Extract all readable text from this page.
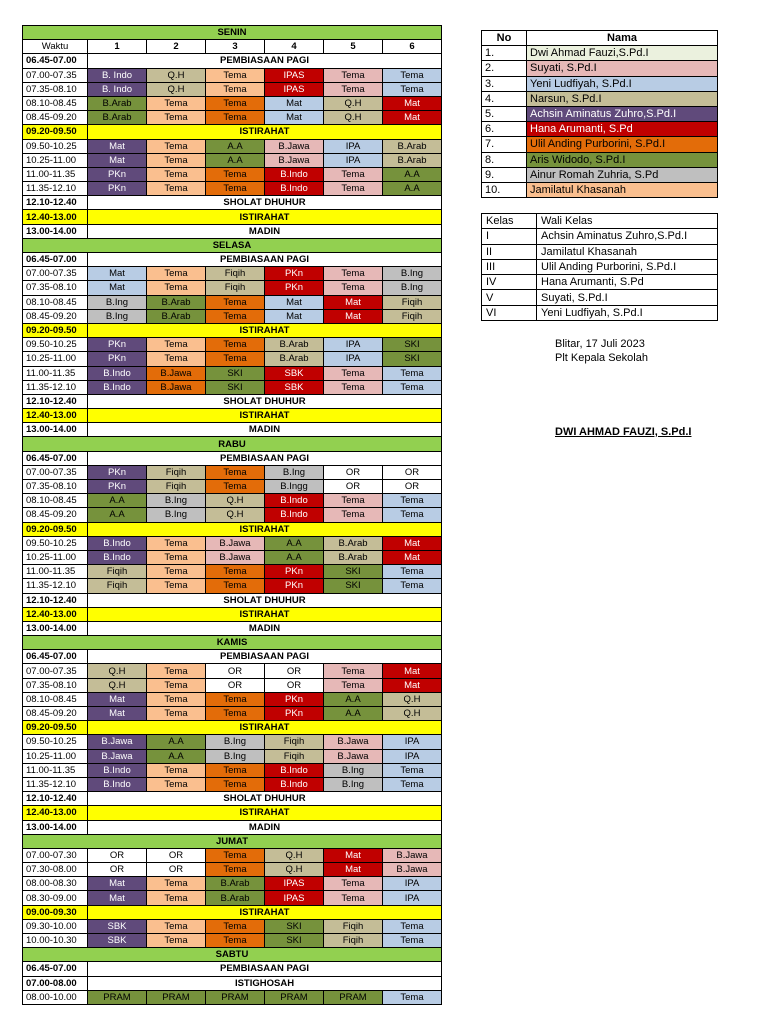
SENIN						
Waktu	1	2	3	4	5	6
06.45-07.00	PEMBIASAAN PAGI					
07.00-07.35	B. Indo	Q.H	Tema	IPAS	Tema	Tema
07.35-08.10	B. Indo	Q.H	Tema	IPAS	Tema	Tema
08.10-08.45	B.Arab	Tema	Tema	Mat	Q.H	Mat
08.45-09.20	B.Arab	Tema	Tema	Mat	Q.H	Mat
09.20-09.50	ISTIRAHAT					
09.50-10.25	Mat	Tema	A.A	B.Jawa	IPA	B.Arab
10.25-11.00	Mat	Tema	A.A	B.Jawa	IPA	B.Arab
11.00-11.35	PKn	Tema	Tema	B.Indo	Tema	A.A
11.35-12.10	PKn	Tema	Tema	B.Indo	Tema	A.A
12.10-12.40	SHOLAT DHUHUR					
12.40-13.00	ISTIRAHAT					
13.00-14.00	MADIN					
SELASA						
06.45-07.00	PEMBIASAAN PAGI					
07.00-07.35	Mat	Tema	Fiqih	PKn	Tema	B.Ing
07.35-08.10	Mat	Tema	Fiqih	PKn	Tema	B.Ing
08.10-08.45	B.Ing	B.Arab	Tema	Mat	Mat	Fiqih
08.45-09.20	B.Ing	B.Arab	Tema	Mat	Mat	Fiqih
09.20-09.50	ISTIRAHAT					
09.50-10.25	PKn	Tema	Tema	B.Arab	IPA	SKI
10.25-11.00	PKn	Tema	Tema	B.Arab	IPA	SKI
11.00-11.35	B.Indo	B.Jawa	SKI	SBK	Tema	Tema
11.35-12.10	B.Indo	B.Jawa	SKI	SBK	Tema	Tema
12.10-12.40	SHOLAT DHUHUR					
12.40-13.00	ISTIRAHAT					
13.00-14.00	MADIN					
RABU						
06.45-07.00	PEMBIASAAN PAGI					
07.00-07.35	PKn	Fiqih	Tema	B.Ing	OR	OR
07.35-08.10	PKn	Fiqih	Tema	B.Ingg	OR	OR
08.10-08.45	A.A	B.Ing	Q.H	B.Indo	Tema	Tema
08.45-09.20	A.A	B.Ing	Q.H	B.Indo	Tema	Tema
09.20-09.50	ISTIRAHAT					
09.50-10.25	B.Indo	Tema	B.Jawa	A.A	B.Arab	Mat
10.25-11.00	B.Indo	Tema	B.Jawa	A.A	B.Arab	Mat
11.00-11.35	Fiqih	Tema	Tema	PKn	SKI	Tema
11.35-12.10	Fiqih	Tema	Tema	PKn	SKI	Tema
12.10-12.40	SHOLAT DHUHUR					
12.40-13.00	ISTIRAHAT					
13.00-14.00	MADIN					
KAMIS						
06.45-07.00	PEMBIASAAN PAGI					
07.00-07.35	Q.H	Tema	OR	OR	Tema	Mat
07.35-08.10	Q.H	Tema	OR	OR	Tema	Mat
08.10-08.45	Mat	Tema	Tema	PKn	A.A	Q.H
08.45-09.20	Mat	Tema	Tema	PKn	A.A	Q.H
09.20-09.50	ISTIRAHAT					
09.50-10.25	B.Jawa	A.A	B.Ing	Fiqih	B.Jawa	IPA
10.25-11.00	B.Jawa	A.A	B.Ing	Fiqih	B.Jawa	IPA
11.00-11.35	B.Indo	Tema	Tema	B.Indo	B.Ing	Tema
11.35-12.10	B.Indo	Tema	Tema	B.Indo	B.Ing	Tema
12.10-12.40	SHOLAT DHUHUR					
12.40-13.00	ISTIRAHAT					
13.00-14.00	MADIN					
JUMAT						
07.00-07.30	OR	OR	Tema	Q.H	Mat	B.Jawa
07.30-08.00	OR	OR	Tema	Q.H	Mat	B.Jawa
08.00-08.30	Mat	Tema	B.Arab	IPAS	Tema	IPA
08.30-09.00	Mat	Tema	B.Arab	IPAS	Tema	IPA
09.00-09.30	ISTIRAHAT					
09.30-10.00	SBK	Tema	Tema	SKI	Fiqih	Tema
10.00-10.30	SBK	Tema	Tema	SKI	Fiqih	Tema
SABTU						
06.45-07.00	PEMBIASAAN PAGI					
07.00-08.00	ISTIGHOSAH					
08.00-10.00	PRAM	PRAM	PRAM	PRAM	PRAM	Tema
No	Nama
1.	Dwi Ahmad Fauzi,S.Pd.I
2.	Suyati, S.Pd.I
3.	Yeni Ludfiyah, S.Pd.I
4.	Narsun, S.Pd.I
5.	Achsin Aminatus Zuhro,S.Pd.I
6.	Hana Arumanti, S.Pd
7.	Ulil Anding Purborini, S.Pd.I
8.	Aris Widodo, S.Pd.I
9.	Ainur Romah Zuhria, S.Pd
10.	Jamilatul Khasanah
Kelas	Wali Kelas
I	Achsin Aminatus Zuhro,S.Pd.I
II	Jamilatul Khasanah
III	Ulil Anding Purborini, S.Pd.I
IV	Hana Arumanti, S.Pd
V	Suyati, S.Pd.I
VI	Yeni Ludfiyah, S.Pd.I
Blitar, 17 Juli 2023
Plt Kepala Sekolah
DWI AHMAD FAUZI, S.Pd.I
